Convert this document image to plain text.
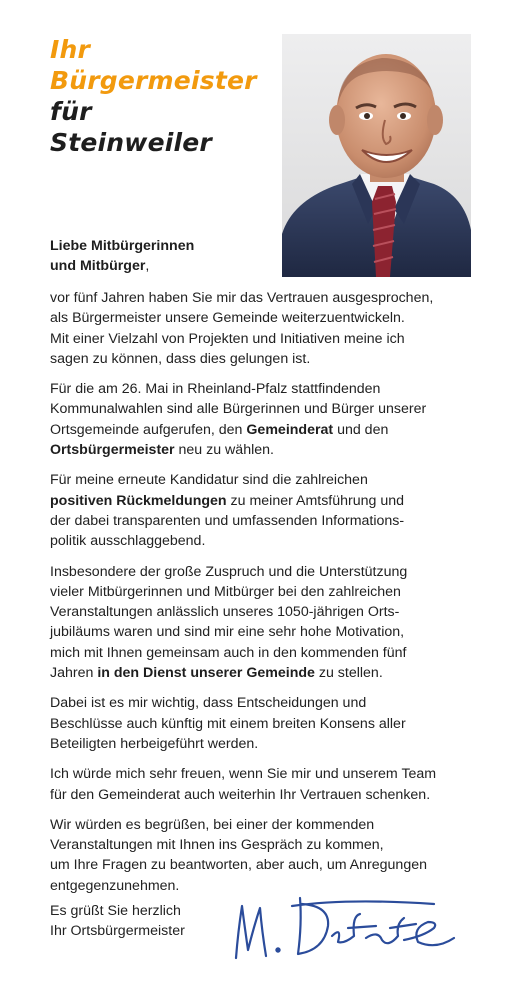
Ihr
Bürgermeister
für
Steinweiler
Liebe Mitbürgerinnen
und Mitbürger,

vor fünf Jahren haben Sie mir das Vertrauen ausgesprochen,
als Bürgermeister unsere Gemeinde weiterzuentwickeln.
Mit einer Vielzahl von Projekten und Initiativen meine ich
sagen zu können, dass dies gelungen ist.

Für die am 26. Mai in Rheinland-Pfalz stattfindenden
Kommunalwahlen sind alle Bürgerinnen und Bürger unserer
Ortsgemeinde aufgerufen, den Gemeinderat und den
Ortsbürgermeister neu zu wählen.

Für meine erneute Kandidatur sind die zahlreichen
positiven Rückmeldungen zu meiner Amtsführung und
der dabei transparenten und umfassenden Informations-
politik ausschlaggebend.

Insbesondere der große Zuspruch und die Unterstützung
vieler Mitbürgerinnen und Mitbürger bei den zahlreichen
Veranstaltungen anlässlich unseres 1050-jährigen Orts-
jubiläums waren und sind mir eine sehr hohe Motivation,
mich mit Ihnen gemeinsam auch in den kommenden fünf
Jahren in den Dienst unserer Gemeinde zu stellen.

Dabei ist es mir wichtig, dass Entscheidungen und
Beschlüsse auch künftig mit einem breiten Konsens aller
Beteiligten herbeigeführt werden.

Ich würde mich sehr freuen, wenn Sie mir und unserem Team
für den Gemeinderat auch weiterhin Ihr Vertrauen schenken.

Wir würden es begrüßen, bei einer der kommenden
Veranstaltungen mit Ihnen ins Gespräch zu kommen,
um Ihre Fragen zu beantworten, aber auch, um Anregungen
entgegenzunehmen.

Es grüßt Sie herzlich
Ihr Ortsbürgermeister
